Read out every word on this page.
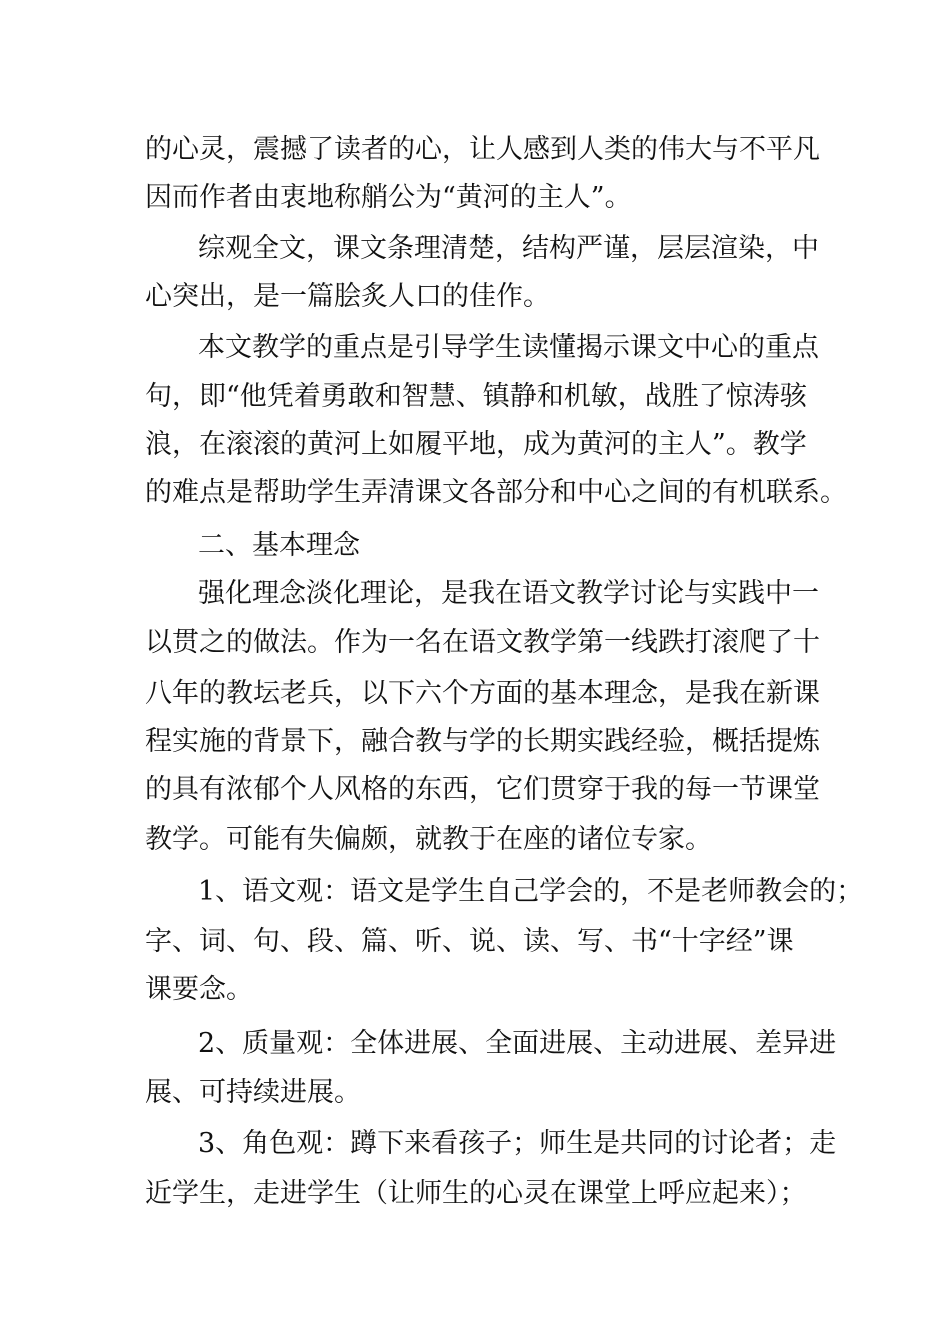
的心灵，震撼了读者的心，让人感到人类的伟大与不平凡
因而作者由衷地称艄公为“黄河的主人”。
综观全文，课文条理清楚，结构严谨，层层渲染，中
心突出，是一篇脍炙人口的佳作。
本文教学的重点是引导学生读懂揭示课文中心的重点
句，即“他凭着勇敢和智慧、镇静和机敏，战胜了惊涛骇
浪，在滚滚的黄河上如履平地，成为黄河的主人”。教学
的难点是帮助学生弄清课文各部分和中心之间的有机联系。
二、基本理念
强化理念淡化理论，是我在语文教学讨论与实践中一
以贯之的做法。作为一名在语文教学第一线跌打滚爬了十
八年的教坛老兵，以下六个方面的基本理念，是我在新课
程实施的背景下，融合教与学的长期实践经验，概括提炼
的具有浓郁个人风格的东西，它们贯穿于我的每一节课堂
教学。可能有失偏颇，就教于在座的诸位专家。
1、语文观：语文是学生自己学会的，不是老师教会的；
字、词、句、段、篇、听、说、读、写、书“十字经”课
课要念。
2、质量观：全体进展、全面进展、主动进展、差异进
展、可持续进展。
3、角色观：蹲下来看孩子；师生是共同的讨论者；走
近学生，走进学生（让师生的心灵在课堂上呼应起来）；
